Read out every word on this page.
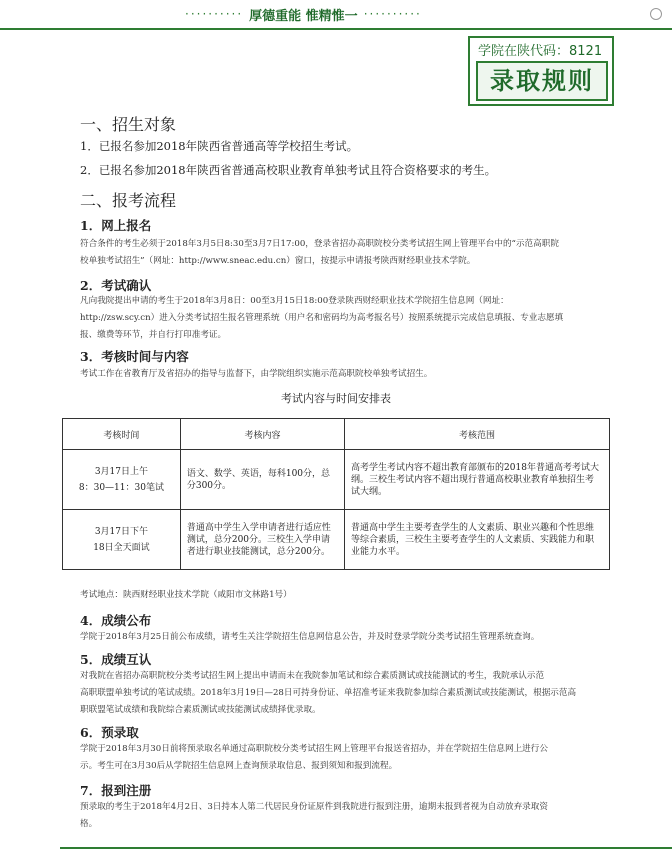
·········· 厚德重能 惟精惟一 ··········
学院在陕代码：8121
录取规则
一、招生对象
1．已报名参加2018年陕西省普通高等学校招生考试。
2．已报名参加2018年陕西省普通高校职业教育单独考试且符合资格要求的考生。
二、报考流程
1．网上报名
符合条件的考生必须于2018年3月5日8:30至3月7日17:00，登录省招办高职院校分类考试招生网上管理平台中的“示范高职院
校单独考试招生”（网址：http://www.sneac.edu.cn）窗口，按提示申请报考陕西财经职业技术学院。
2．考试确认
凡向我院提出申请的考生于2018年3月8日：00至3月15日18:00登录陕西财经职业技术学院招生信息网（网址：
http://zsw.scy.cn）进入分类考试招生报名管理系统（用户名和密码均为高考报名号）按照系统提示完成信息填报、专业志愿填
报、缴费等环节，并自行打印准考证。
3．考核时间与内容
考试工作在省教育厅及省招办的指导与监督下，由学院组织实施示范高职院校单独考试招生。
考试内容与时间安排表
考核时间	考核内容	考核范围

3月17日上午
8：30—11：30笔试	语文、数学、英语，每科100分，总分300分。	高考学生考试内容不超出教育部颁布的2018年普通高考考试大纲。三校生考试内容不超出现行普通高校职业教育单独招生考试大纲。

3月17日下午
18日全天面试	普通高中学生入学申请者进行适应性测试，总分200分。三校生入学申请者进行职业技能测试，总分200分。	普通高中学生主要考查学生的人文素质、职业兴趣和个性思维等综合素质，三校生主要考查学生的人文素质、实践能力和职业能力水平。
考试地点：陕西财经职业技术学院（咸阳市文林路1号）
4．成绩公布
学院于2018年3月25日前公布成绩，请考生关注学院招生信息网信息公告，并及时登录学院分类考试招生管理系统查询。
5．成绩互认
对我院在省招办高职院校分类考试招生网上提出申请而未在我院参加笔试和综合素质测试或技能测试的考生，我院承认示范
高职联盟单独考试的笔试成绩。2018年3月19日—28日可持身份证、单招准考证来我院参加综合素质测试或技能测试，根据示范高
职联盟笔试成绩和我院综合素质测试或技能测试成绩择优录取。
6．预录取
学院于2018年3月30日前将预录取名单通过高职院校分类考试招生网上管理平台报送省招办，并在学院招生信息网上进行公
示。考生可在3月30后从学院招生信息网上查询预录取信息、报到须知和报到流程。
7．报到注册
预录取的考生于2018年4月2日、3日持本人第二代居民身份证原件到我院进行报到注册，逾期未报到者视为自动放弃录取资
格。
